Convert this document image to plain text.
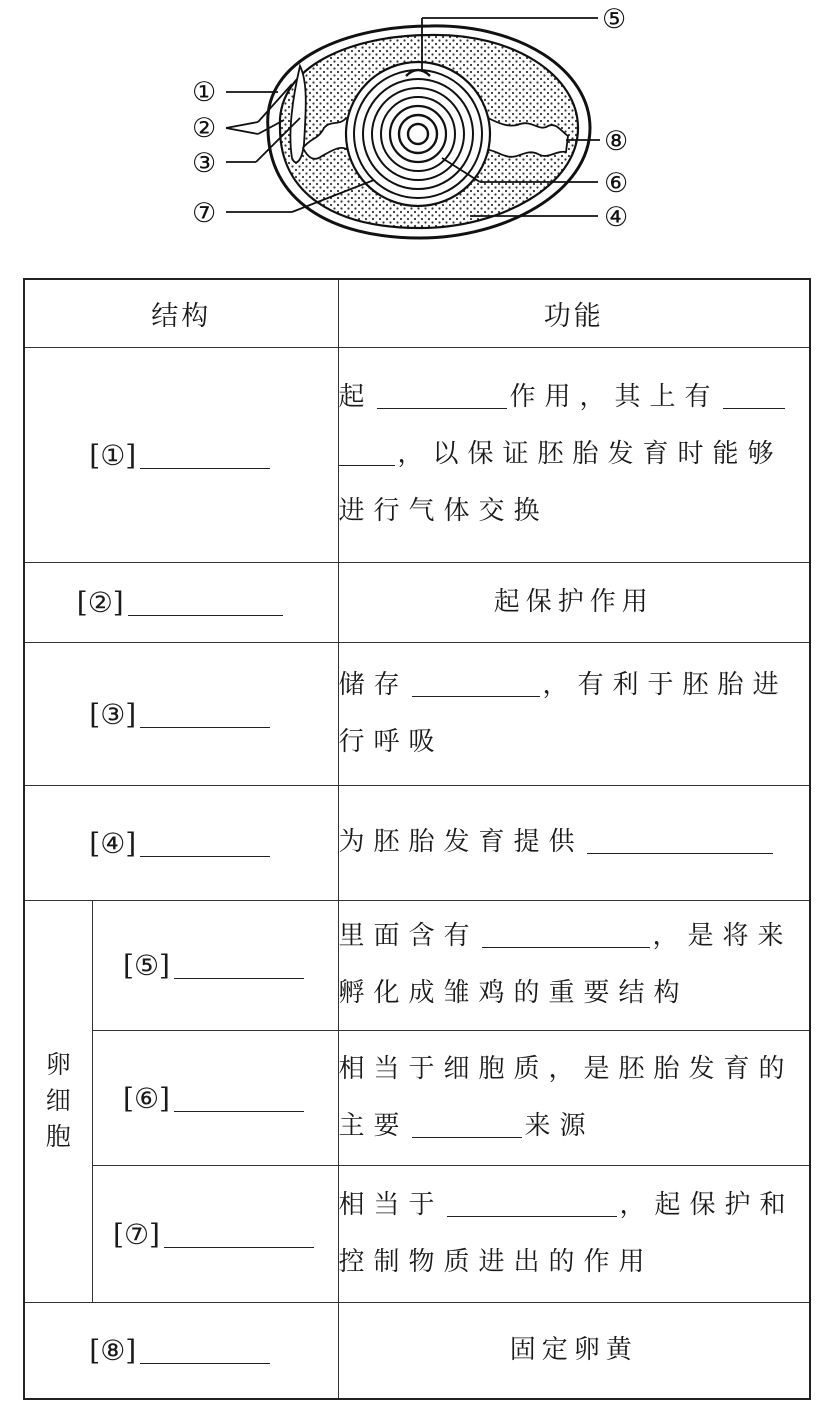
①
②
③
④
⑤
⑥
⑦
⑧
结构		功能
[①]		起 作用，其上有，以保证胚胎发育时能够进行气体交换
[②]		起保护作用
[③]		储存 ，有利于胚胎进行呼吸
[④]		为胚胎发育提供
卵细胞	[⑤]	里面含有 ，是将来孵化成雏鸡的重要结构
	[⑥]	相当于细胞质，是胚胎发育的主要 来源
	[⑦]	相当于 ，起保护和控制物质进出的作用
[⑧]		固定卵黄
